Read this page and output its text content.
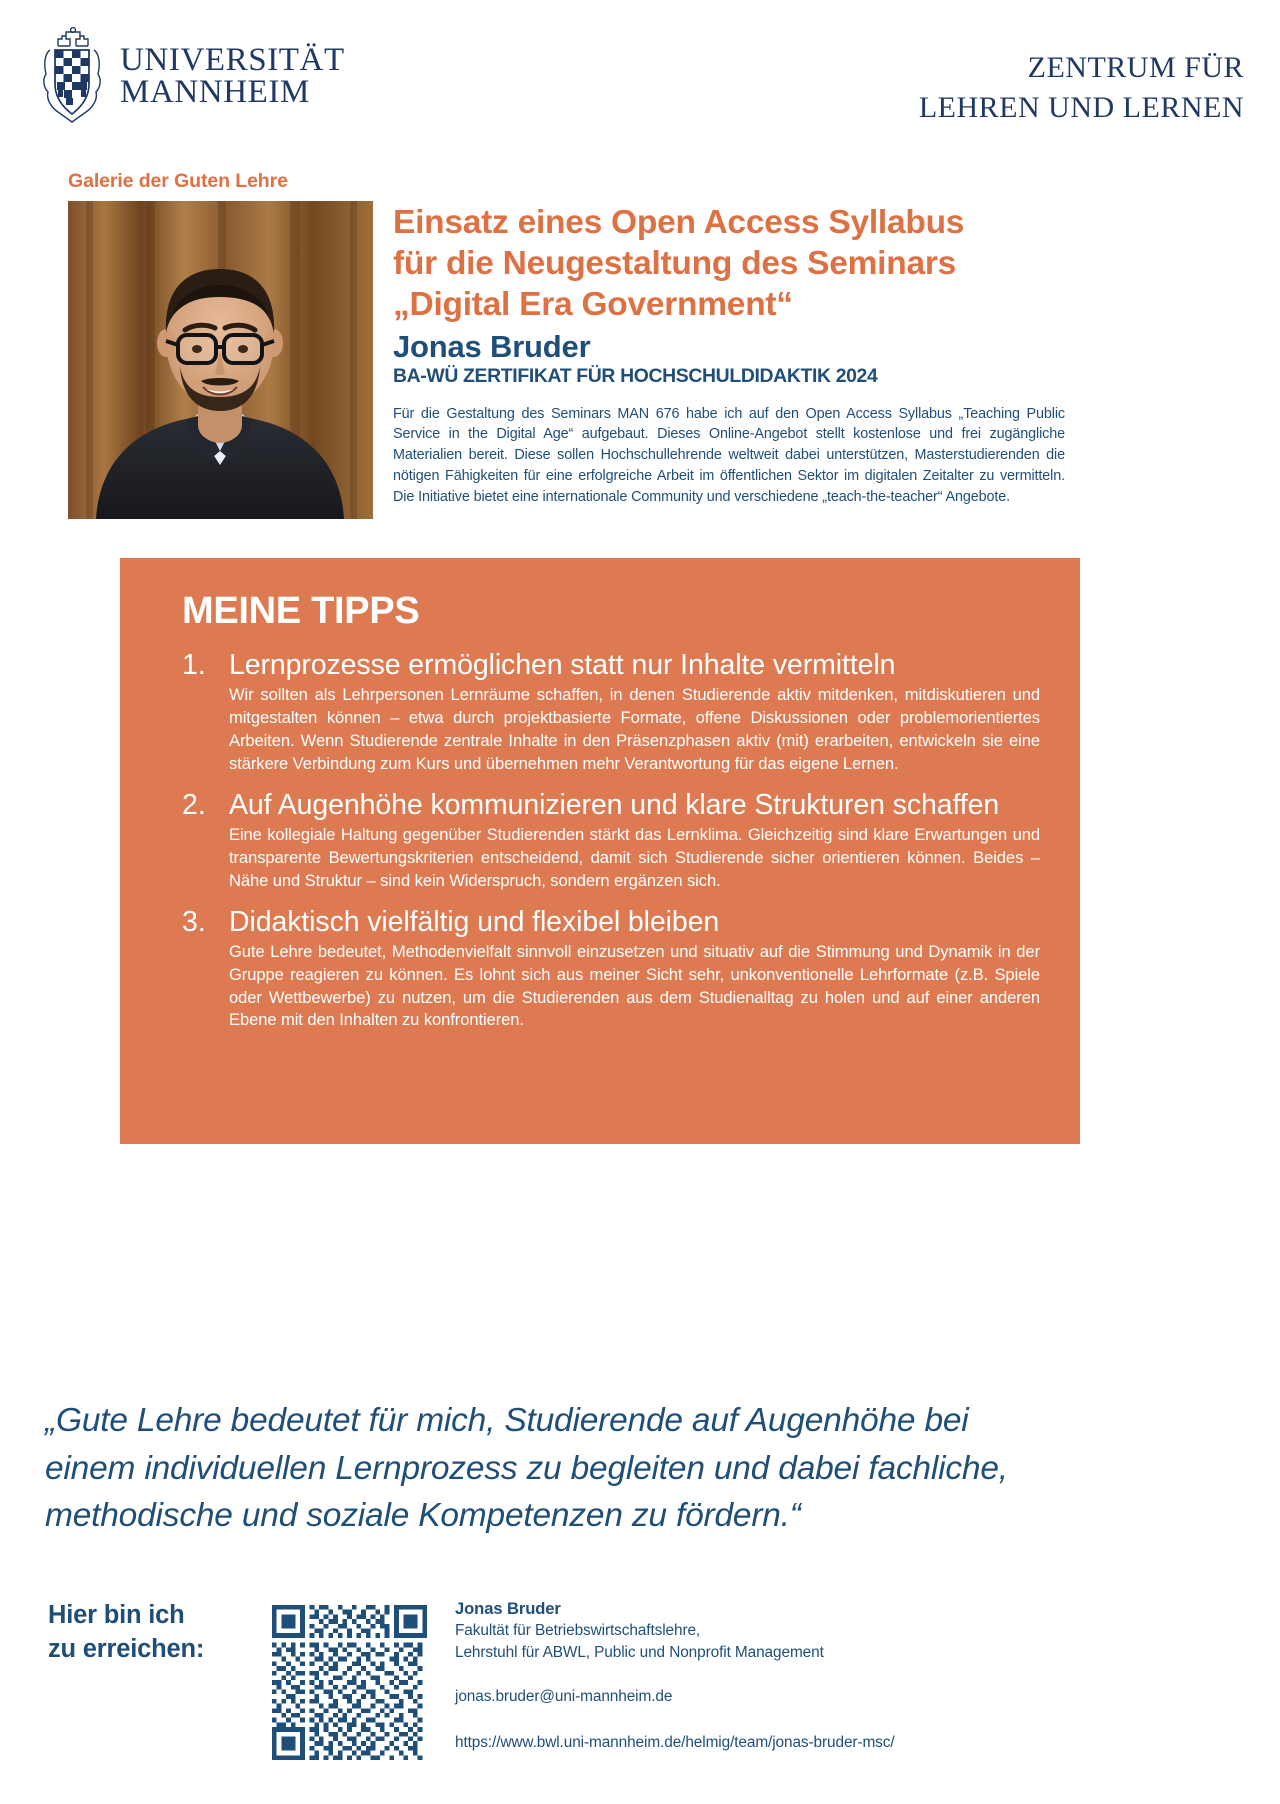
UNIVERSITÄT
MANNHEIM
ZENTRUM FÜR
LEHREN UND LERNEN
Galerie der Guten Lehre
Einsatz eines Open Access Syllabus
für die Neugestaltung des Seminars
„Digital Era Government“
Jonas Bruder
BA-WÜ ZERTIFIKAT FÜR HOCHSCHULDIDAKTIK 2024
Für die Gestaltung des Seminars MAN 676 habe ich auf den Open Access Syllabus „Teaching Public Service in the Digital Age“ aufgebaut. Dieses Online-Angebot stellt kostenlose und frei zugängliche Materialien bereit. Diese sollen Hochschullehrende weltweit dabei unterstützen, Masterstudierenden die nötigen Fähigkeiten für eine erfolgreiche Arbeit im öffentlichen Sektor im digitalen Zeitalter zu vermitteln. Die Initiative bietet eine internationale Community und verschiedene „teach-the-teacher“ Angebote.
MEINE TIPPS
1. Lernprozesse ermöglichen statt nur Inhalte vermitteln
Wir sollten als Lehrpersonen Lernräume schaffen, in denen Studierende aktiv mitdenken, mitdiskutieren und mitgestalten können – etwa durch projektbasierte Formate, offene Diskussionen oder problemorientiertes Arbeiten. Wenn Studierende zentrale Inhalte in den Präsenzphasen aktiv (mit) erarbeiten, entwickeln sie eine stärkere Verbindung zum Kurs und übernehmen mehr Verantwortung für das eigene Lernen.
2. Auf Augenhöhe kommunizieren und klare Strukturen schaffen
Eine kollegiale Haltung gegenüber Studierenden stärkt das Lernklima. Gleichzeitig sind klare Erwartungen und transparente Bewertungskriterien entscheidend, damit sich Studierende sicher orientieren können. Beides – Nähe und Struktur – sind kein Widerspruch, sondern ergänzen sich.
3. Didaktisch vielfältig und flexibel bleiben
Gute Lehre bedeutet, Methodenvielfalt sinnvoll einzusetzen und situativ auf die Stimmung und Dynamik in der Gruppe reagieren zu können. Es lohnt sich aus meiner Sicht sehr, unkonventionelle Lehrformate (z.B. Spiele oder Wettbewerbe) zu nutzen, um die Studierenden aus dem Studienalltag zu holen und auf einer anderen Ebene mit den Inhalten zu konfrontieren.
„Gute Lehre bedeutet für mich, Studierende auf Augenhöhe bei
einem individuellen Lernprozess zu begleiten und dabei fachliche,
methodische und soziale Kompetenzen zu fördern.“
Hier bin ich
zu erreichen:
Jonas Bruder
Fakultät für Betriebswirtschaftslehre,
Lehrstuhl für ABWL, Public und Nonprofit Management
jonas.bruder@uni-mannheim.de
https://www.bwl.uni-mannheim.de/helmig/team/jonas-bruder-msc/
